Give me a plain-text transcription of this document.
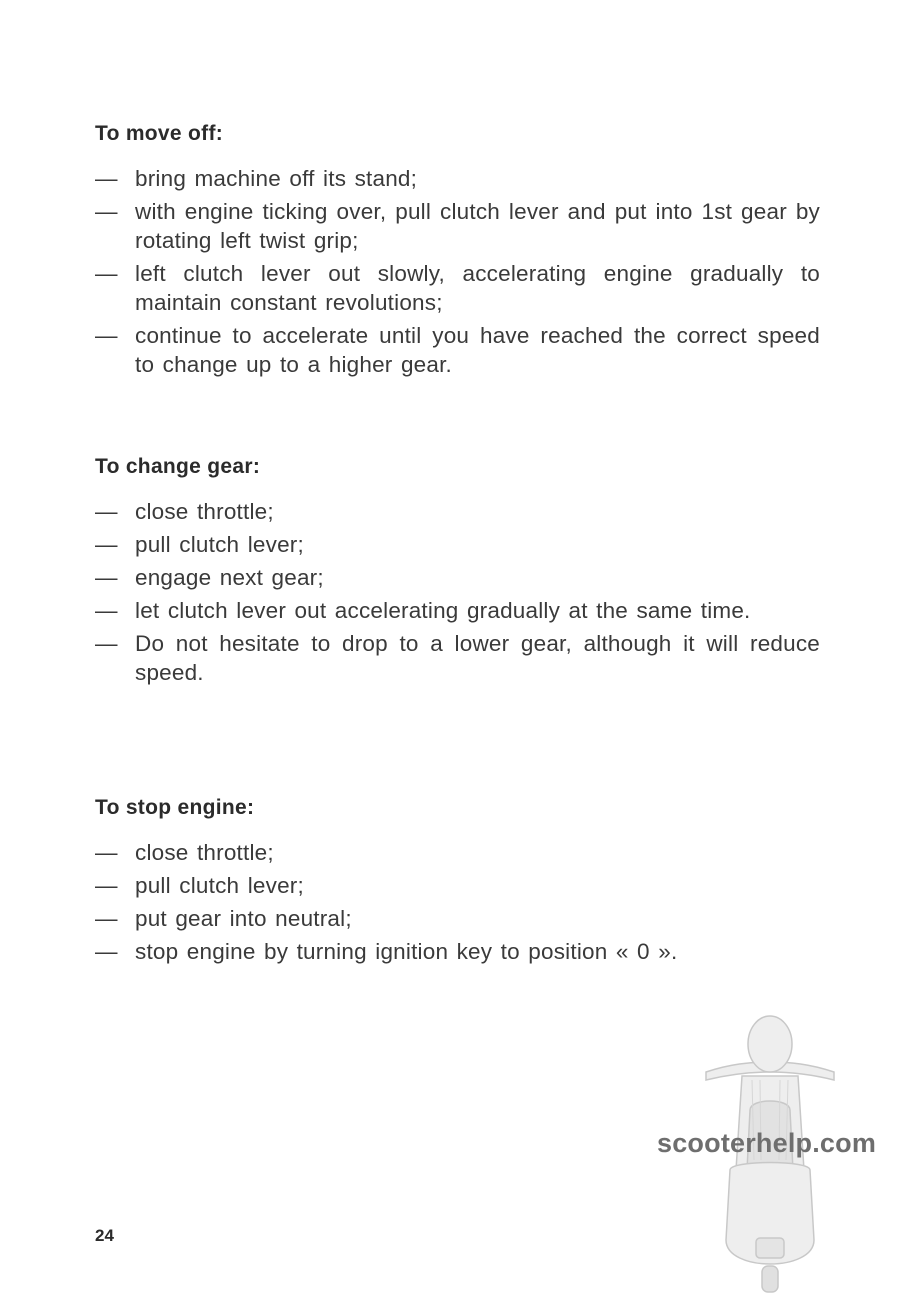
To move off:
— bring machine off its stand;
— with engine ticking over, pull clutch lever and put into 1st gear by rotating left twist grip;
— left clutch lever out slowly, accelerating engine gradually to maintain constant revolutions;
— continue to accelerate until you have reached the correct speed to change up to a higher gear.
To change gear:
— close throttle;
— pull clutch lever;
— engage next gear;
— let clutch lever out accelerating gradually at the same time.
— Do not hesitate to drop to a lower gear, although it will reduce speed.
To stop engine:
— close throttle;
— pull clutch lever;
— put gear into neutral;
— stop engine by turning ignition key to position « 0 ».
scooterhelp.com
24
